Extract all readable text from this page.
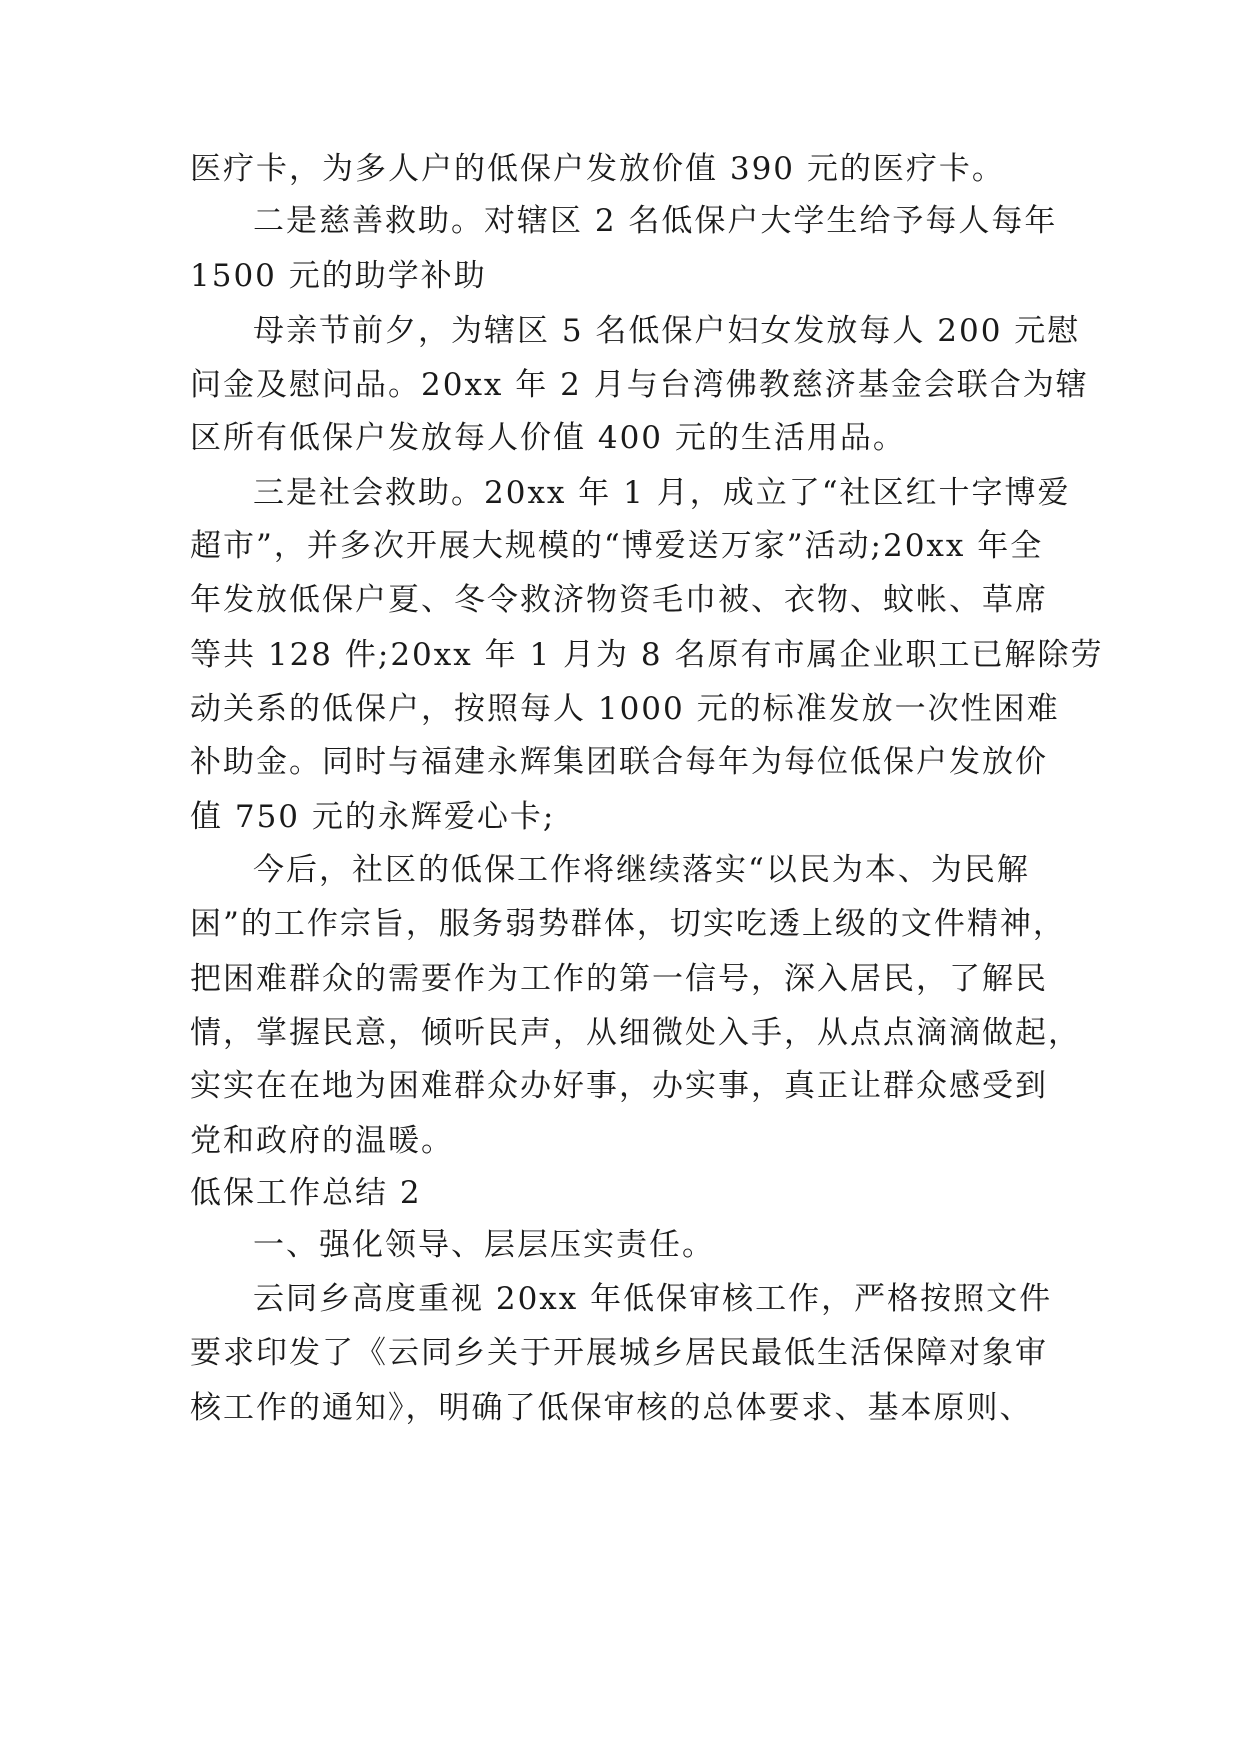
医疗卡，为多人户的低保户发放价值 390 元的医疗卡。
二是慈善救助。对辖区 2 名低保户大学生给予每人每年
1500 元的助学补助
母亲节前夕，为辖区 5 名低保户妇女发放每人 200 元慰
问金及慰问品。20xx 年 2 月与台湾佛教慈济基金会联合为辖
区所有低保户发放每人价值 400 元的生活用品。
三是社会救助。20xx 年 1 月，成立了“社区红十字博爱
超市”，并多次开展大规模的“博爱送万家”活动;20xx 年全
年发放低保户夏、冬令救济物资毛巾被、衣物、蚊帐、草席
等共 128 件;20xx 年 1 月为 8 名原有市属企业职工已解除劳
动关系的低保户，按照每人 1000 元的标准发放一次性困难
补助金。同时与福建永辉集团联合每年为每位低保户发放价
值 750 元的永辉爱心卡;
今后，社区的低保工作将继续落实“以民为本、为民解
困”的工作宗旨，服务弱势群体，切实吃透上级的文件精神，
把困难群众的需要作为工作的第一信号，深入居民，了解民
情，掌握民意，倾听民声，从细微处入手，从点点滴滴做起，
实实在在地为困难群众办好事，办实事，真正让群众感受到
党和政府的温暖。
低保工作总结 2
一、强化领导、层层压实责任。
云同乡高度重视 20xx 年低保审核工作，严格按照文件
要求印发了《云同乡关于开展城乡居民最低生活保障对象审
核工作的通知》，明确了低保审核的总体要求、基本原则、
